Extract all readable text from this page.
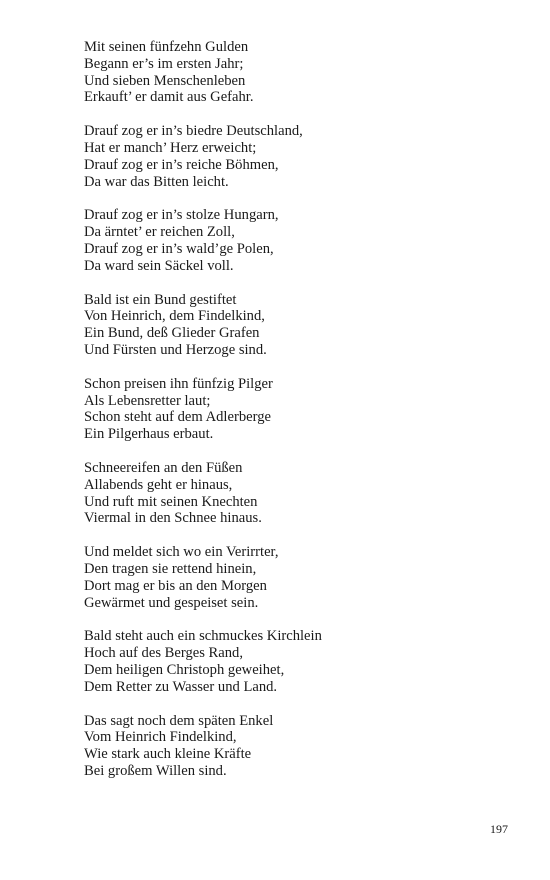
Mit seinen fünfzehn Gulden
Begann er’s im ersten Jahr;
Und sieben Menschenleben
Erkauft’ er damit aus Gefahr.
Drauf zog er in’s biedre Deutschland,
Hat er manch’ Herz erweicht;
Drauf zog er in’s reiche Böhmen,
Da war das Bitten leicht.
Drauf zog er in’s stolze Hungarn,
Da ärntet’ er reichen Zoll,
Drauf zog er in’s wald’ge Polen,
Da ward sein Säckel voll.
Bald ist ein Bund gestiftet
Von Heinrich, dem Findelkind,
Ein Bund, deß Glieder Grafen
Und Fürsten und Herzoge sind.
Schon preisen ihn fünfzig Pilger
Als Lebensretter laut;
Schon steht auf dem Adlerberge
Ein Pilgerhaus erbaut.
Schneereifen an den Füßen
Allabends geht er hinaus,
Und ruft mit seinen Knechten
Viermal in den Schnee hinaus.
Und meldet sich wo ein Verirrter,
Den tragen sie rettend hinein,
Dort mag er bis an den Morgen
Gewärmet und gespeiset sein.
Bald steht auch ein schmuckes Kirchlein
Hoch auf des Berges Rand,
Dem heiligen Christoph geweihet,
Dem Retter zu Wasser und Land.
Das sagt noch dem späten Enkel
Vom Heinrich Findelkind,
Wie stark auch kleine Kräfte
Bei großem Willen sind.
197
